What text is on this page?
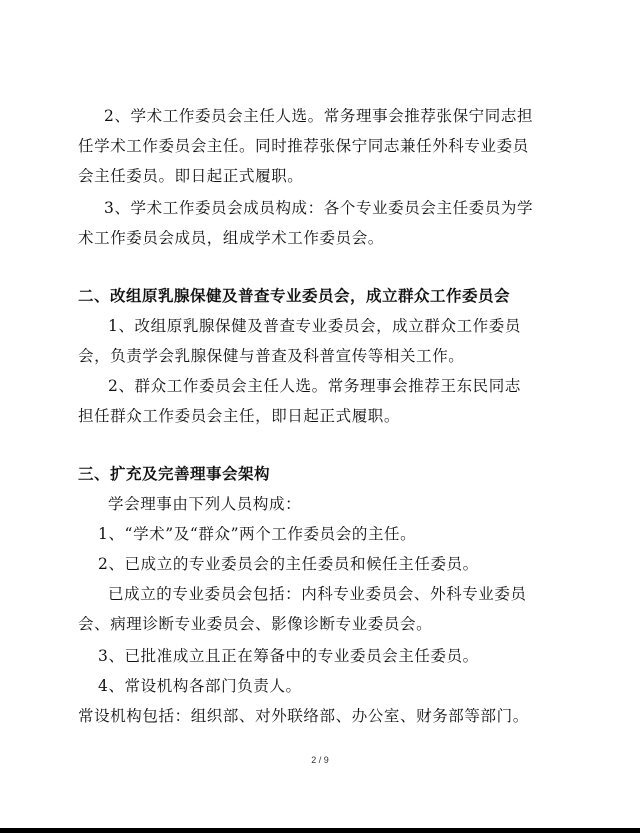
2、学术工作委员会主任人选。常务理事会推荐张保宁同志担
任学术工作委员会主任。同时推荐张保宁同志兼任外科专业委员
会主任委员。即日起正式履职。
3、学术工作委员会成员构成：各个专业委员会主任委员为学
术工作委员会成员，组成学术工作委员会。
二、改组原乳腺保健及普查专业委员会，成立群众工作委员会
1、改组原乳腺保健及普查专业委员会，成立群众工作委员
会，负责学会乳腺保健与普查及科普宣传等相关工作。
2、群众工作委员会主任人选。常务理事会推荐王东民同志
担任群众工作委员会主任，即日起正式履职。
三、扩充及完善理事会架构
学会理事由下列人员构成：
1、“学术”及“群众”两个工作委员会的主任。
2、已成立的专业委员会的主任委员和候任主任委员。
已成立的专业委员会包括：内科专业委员会、外科专业委员
会、病理诊断专业委员会、影像诊断专业委员会。
3、已批准成立且正在筹备中的专业委员会主任委员。
4、常设机构各部门负责人。
常设机构包括：组织部、对外联络部、办公室、财务部等部门。
2 / 9
